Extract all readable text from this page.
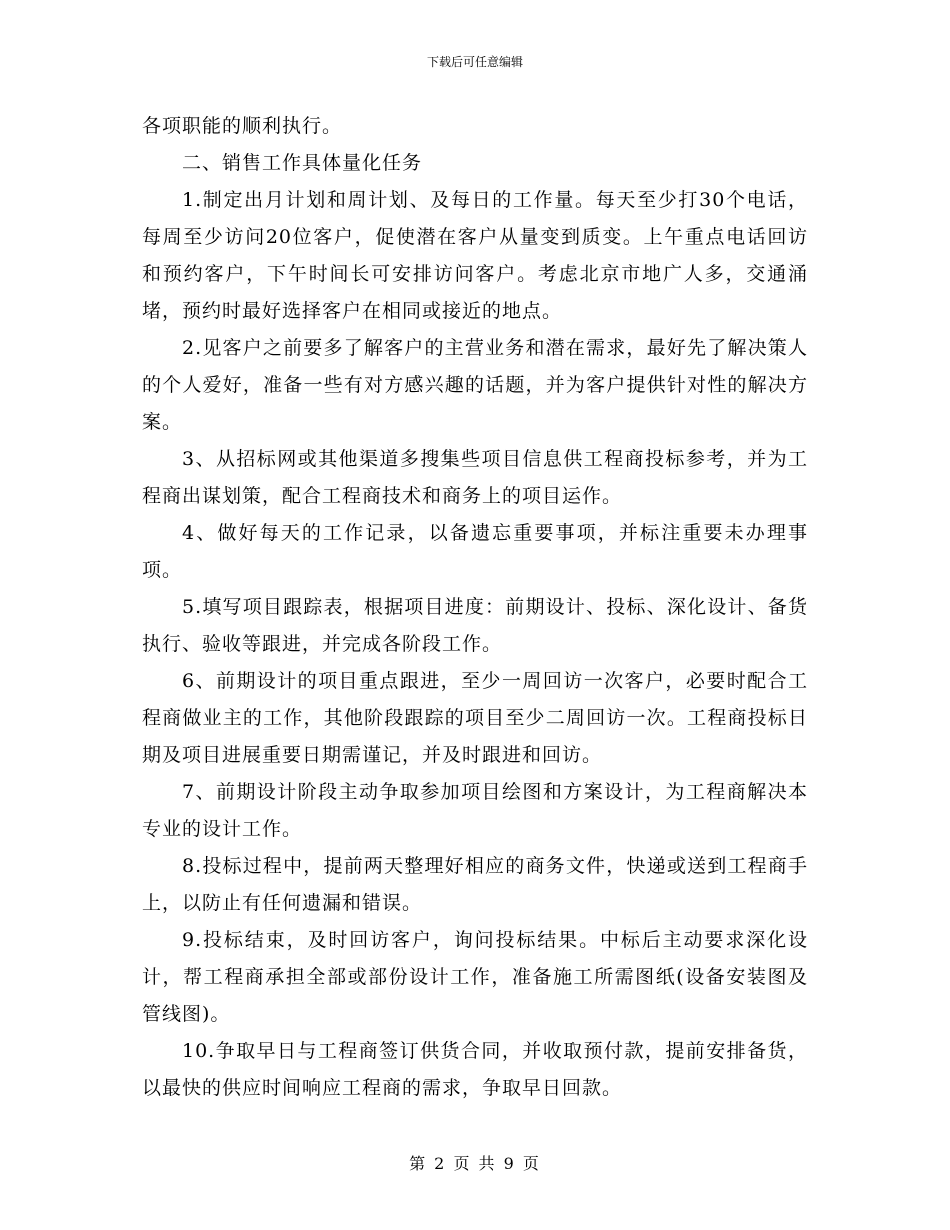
下载后可任意编辑

各项职能的顺利执行。

二、销售工作具体量化任务

1.制定出月计划和周计划、及每日的工作量。每天至少打30个电话，每周至少访问20位客户，促使潜在客户从量变到质变。上午重点电话回访和预约客户，下午时间长可安排访问客户。考虑北京市地广人多，交通涌堵，预约时最好选择客户在相同或接近的地点。

2.见客户之前要多了解客户的主营业务和潜在需求，最好先了解决策人的个人爱好，准备一些有对方感兴趣的话题，并为客户提供针对性的解决方案。

3、从招标网或其他渠道多搜集些项目信息供工程商投标参考，并为工程商出谋划策，配合工程商技术和商务上的项目运作。

4、做好每天的工作记录，以备遗忘重要事项，并标注重要未办理事项。

5.填写项目跟踪表，根据项目进度：前期设计、投标、深化设计、备货执行、验收等跟进，并完成各阶段工作。

6、前期设计的项目重点跟进，至少一周回访一次客户，必要时配合工程商做业主的工作，其他阶段跟踪的项目至少二周回访一次。工程商投标日期及项目进展重要日期需谨记，并及时跟进和回访。

7、前期设计阶段主动争取参加项目绘图和方案设计，为工程商解决本专业的设计工作。

8.投标过程中，提前两天整理好相应的商务文件，快递或送到工程商手上，以防止有任何遗漏和错误。

9.投标结束，及时回访客户，询问投标结果。中标后主动要求深化设计，帮工程商承担全部或部份设计工作，准备施工所需图纸(设备安装图及管线图)。

10.争取早日与工程商签订供货合同，并收取预付款，提前安排备货，以最快的供应时间响应工程商的需求，争取早日回款。

第 2 页 共 9 页
